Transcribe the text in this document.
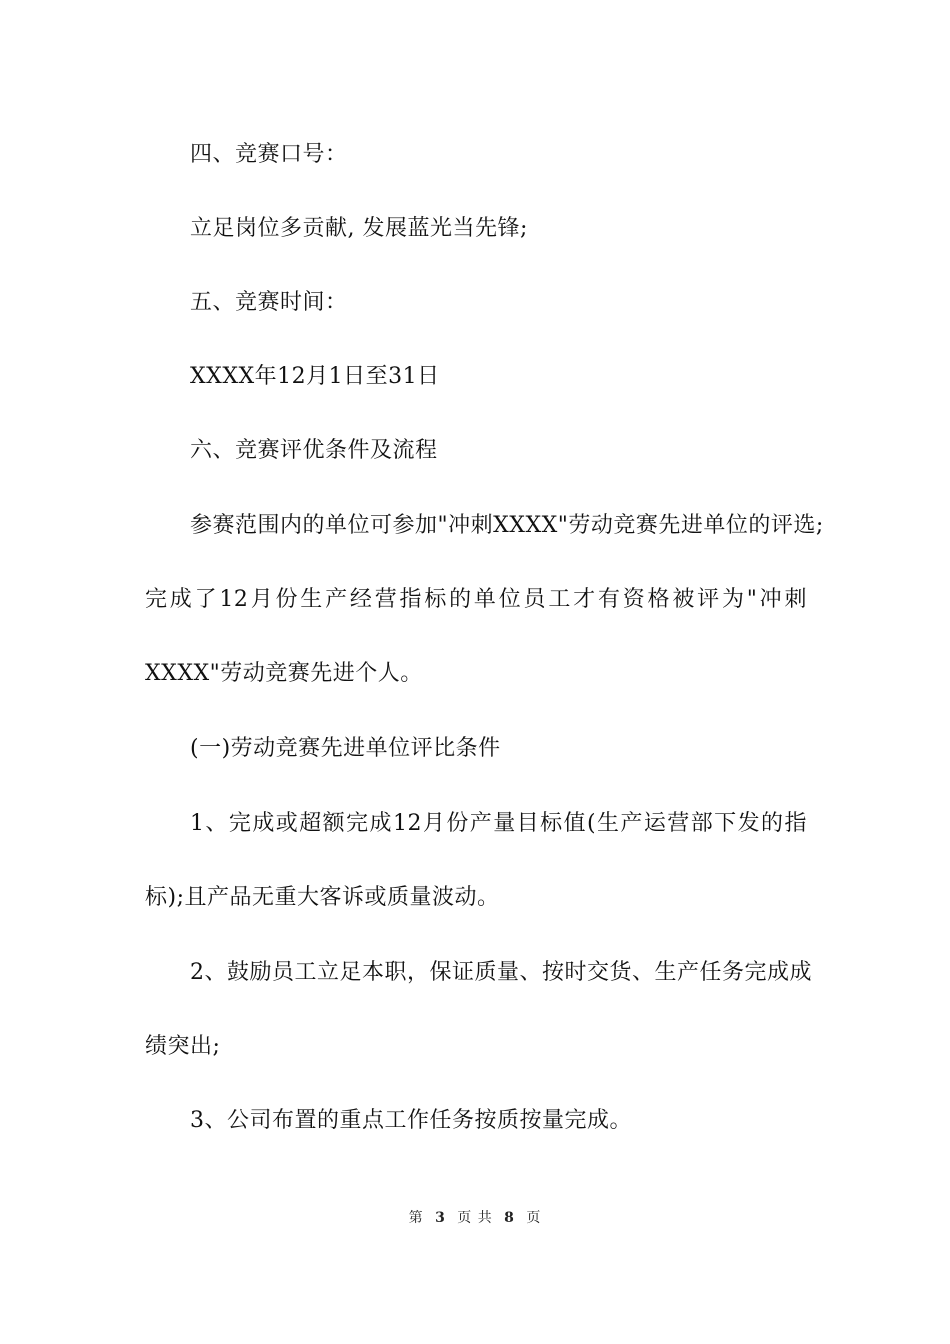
四、竞赛口号：
立足岗位多贡献, 发展蓝光当先锋;
五、竞赛时间：
XXXX年12月1日至31日
六、竞赛评优条件及流程
参赛范围内的单位可参加"冲刺XXXX"劳动竞赛先进单位的评选;
完成了12月份生产经营指标的单位员工才有资格被评为"冲刺
XXXX"劳动竞赛先进个人。
(一)劳动竞赛先进单位评比条件
1、完成或超额完成12月份产量目标值(生产运营部下发的指
标);且产品无重大客诉或质量波动。
2、鼓励员工立足本职，保证质量、按时交货、生产任务完成成
绩突出;
3、公司布置的重点工作任务按质按量完成。
第 3 页 共 8 页
